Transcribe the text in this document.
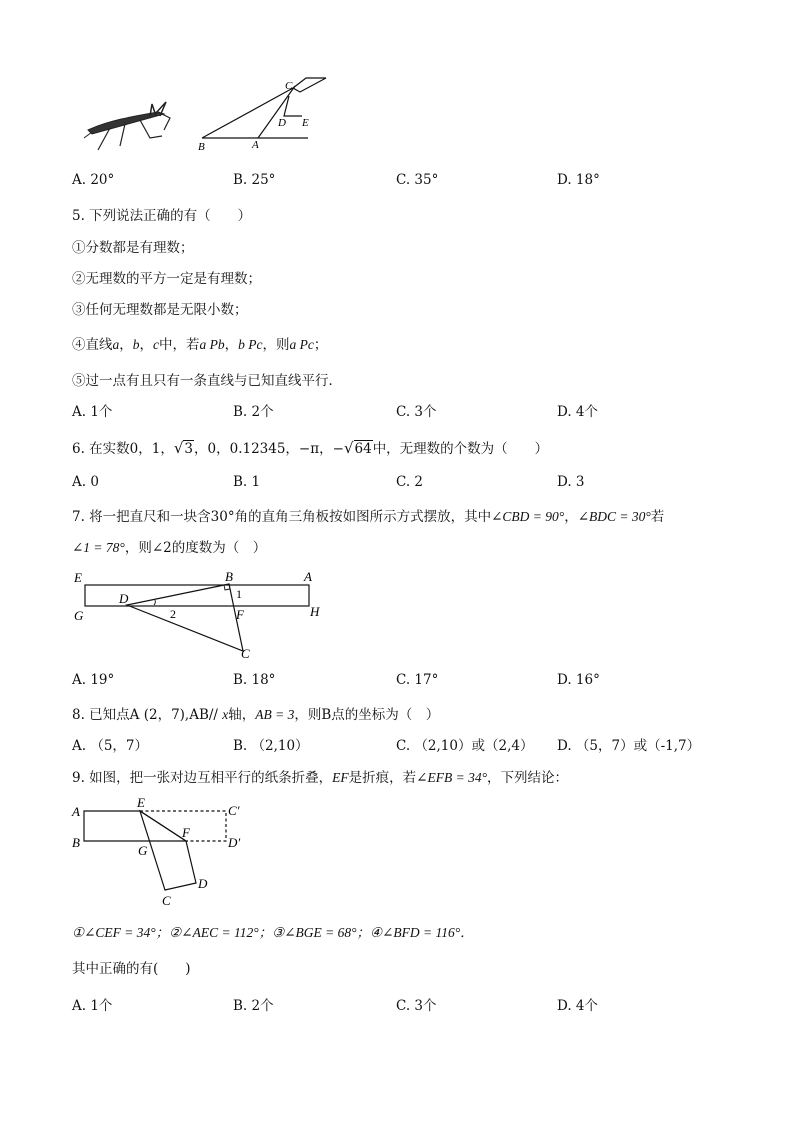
C
D E
B	A
A. 20°	B. 25°	C. 35°	D. 18°
5. 下列说法正确的有（　　）
①分数都是有理数；
②无理数的平方一定是有理数；
③任何无理数都是无限小数；
④直线a，b，c中，若a Pb，b Pc，则a Pc；
⑤过一点有且只有一条直线与已知直线平行．
A. 1个	B. 2个	C. 3个	D. 4个
6. 在实数0，1，√3，0，0.12345，−π，−√64中，无理数的个数为（　　）
A. 0	B. 1	C. 2	D. 3
7. 将一把直尺和一块含30°角的直角三角板按如图所示方式摆放，其中∠CBD = 90°，∠BDC = 30°若
∠1 = 78°，则∠2的度数为（　）
E	B	A
D	1
G	2	F	H
C
A. 19°	B. 18°	C. 17°	D. 16°
8. 已知点A (2，7),AB// x轴，AB = 3，则B点的坐标为（　）
A. （5，7）	B. （2,10）	C. （2,10）或（2,4） D. （5，7）或（-1,7）
9. 如图，把一张对边互相平行的纸条折叠，EF是折痕，若∠EFB = 34°，下列结论：
A
E
C′
F
B
G
D′
D
C
①∠CEF = 34°；②∠AEC = 112°；③∠BGE = 68°；④∠BFD = 116°．
其中正确的有(　　)
A. 1个	B. 2个	C. 3个	D. 4个
